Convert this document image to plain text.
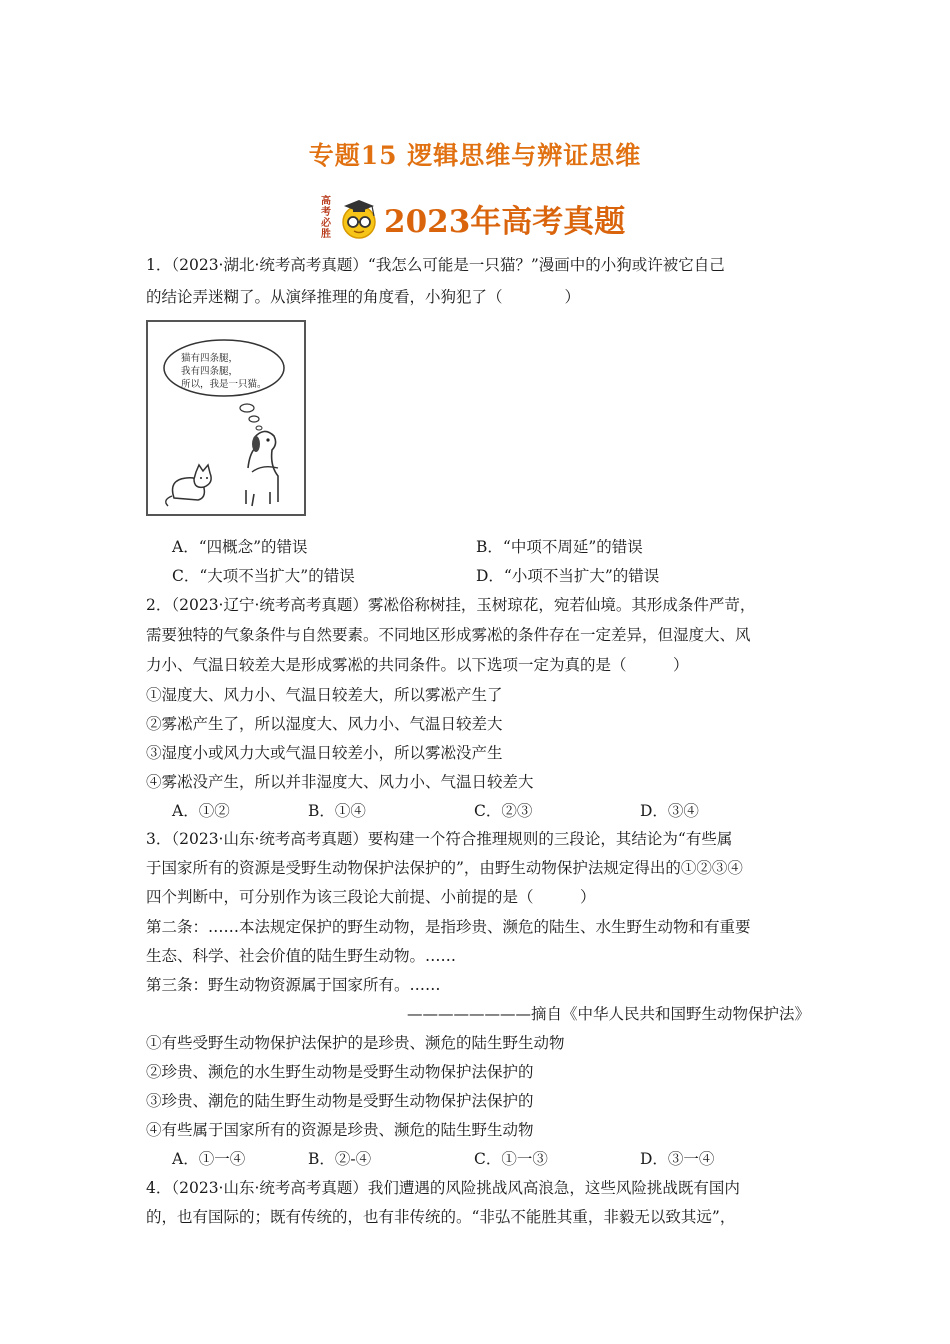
专题15 逻辑思维与辨证思维
高考必胜 2023年高考真题
1．（2023·湖北·统考高考真题）“我怎么可能是一只猫？”漫画中的小狗或许被它自己
的结论弄迷糊了。从演绎推理的角度看，小狗犯了（　　　　）
猫有四条腿，
我有四条腿，
所以，我是一只猫。
A．“四概念”的错误	B．“中项不周延”的错误
C．“大项不当扩大”的错误	D．“小项不当扩大”的错误
2．（2023·辽宁·统考高考真题）雾凇俗称树挂，玉树琼花，宛若仙境。其形成条件严苛，
需要独特的气象条件与自然要素。不同地区形成雾凇的条件存在一定差异，但湿度大、风
力小、气温日较差大是形成雾凇的共同条件。以下选项一定为真的是（　　　）
①湿度大、风力小、气温日较差大，所以雾凇产生了
②雾凇产生了，所以湿度大、风力小、气温日较差大
③湿度小或风力大或气温日较差小，所以雾凇没产生
④雾凇没产生，所以并非湿度大、风力小、气温日较差大
A．①②	B．①④	C．②③	D．③④
3．（2023·山东·统考高考真题）要构建一个符合推理规则的三段论，其结论为“有些属
于国家所有的资源是受野生动物保护法保护的”，由野生动物保护法规定得出的①②③④
四个判断中，可分别作为该三段论大前提、小前提的是（　　　）
第二条：……本法规定保护的野生动物，是指珍贵、濒危的陆生、水生野生动物和有重要
生态、科学、社会价值的陆生野生动物。……
第三条：野生动物资源属于国家所有。……
————————摘自《中华人民共和国野生动物保护法》
①有些受野生动物保护法保护的是珍贵、濒危的陆生野生动物
②珍贵、濒危的水生野生动物是受野生动物保护法保护的
③珍贵、潮危的陆生野生动物是受野生动物保护法保护的
④有些属于国家所有的资源是珍贵、濒危的陆生野生动物
A．①一④	B．②-④	C．①一③	D．③一④
4．（2023·山东·统考高考真题）我们遭遇的风险挑战风高浪急，这些风险挑战既有国内
的，也有国际的；既有传统的，也有非传统的。“非弘不能胜其重，非毅无以致其远”，
